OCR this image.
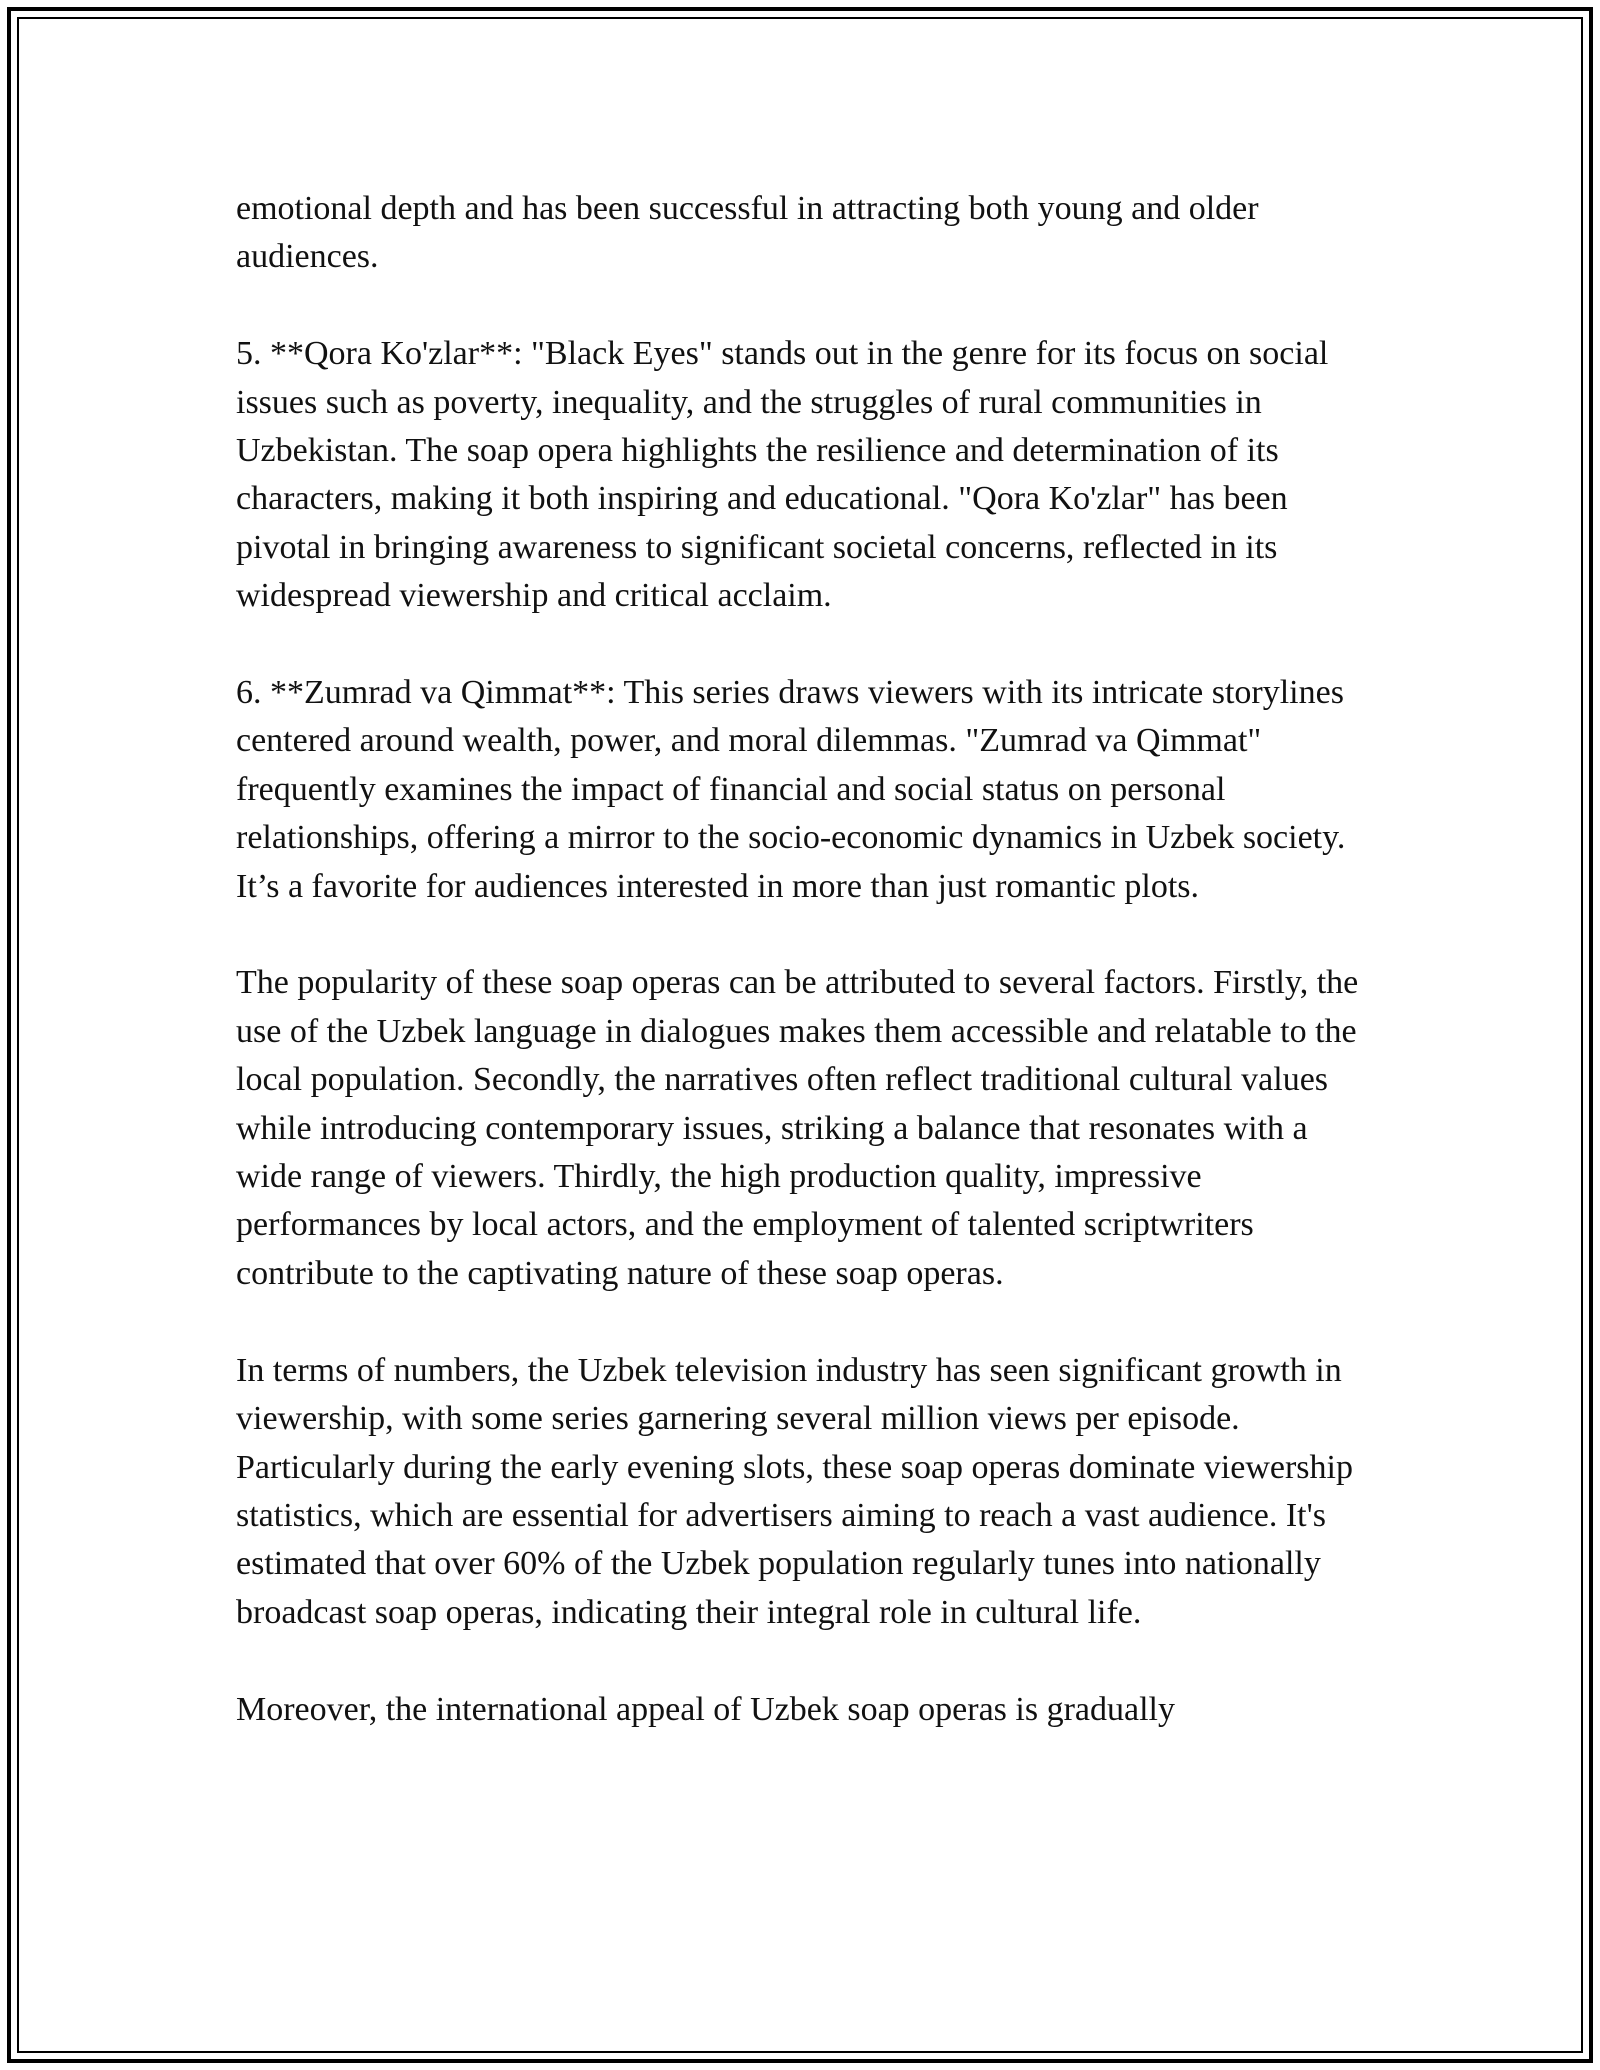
emotional depth and has been successful in attracting both young and older audiences.

5. **Qora Ko'zlar**: "Black Eyes" stands out in the genre for its focus on social issues such as poverty, inequality, and the struggles of rural communities in Uzbekistan. The soap opera highlights the resilience and determination of its characters, making it both inspiring and educational. "Qora Ko'zlar" has been pivotal in bringing awareness to significant societal concerns, reflected in its widespread viewership and critical acclaim.

6. **Zumrad va Qimmat**: This series draws viewers with its intricate storylines centered around wealth, power, and moral dilemmas. "Zumrad va Qimmat" frequently examines the impact of financial and social status on personal relationships, offering a mirror to the socio-economic dynamics in Uzbek society. It’s a favorite for audiences interested in more than just romantic plots.

The popularity of these soap operas can be attributed to several factors. Firstly, the use of the Uzbek language in dialogues makes them accessible and relatable to the local population. Secondly, the narratives often reflect traditional cultural values while introducing contemporary issues, striking a balance that resonates with a wide range of viewers. Thirdly, the high production quality, impressive performances by local actors, and the employment of talented scriptwriters contribute to the captivating nature of these soap operas.

In terms of numbers, the Uzbek television industry has seen significant growth in viewership, with some series garnering several million views per episode. Particularly during the early evening slots, these soap operas dominate viewership statistics, which are essential for advertisers aiming to reach a vast audience. It's estimated that over 60% of the Uzbek population regularly tunes into nationally broadcast soap operas, indicating their integral role in cultural life.

Moreover, the international appeal of Uzbek soap operas is gradually
